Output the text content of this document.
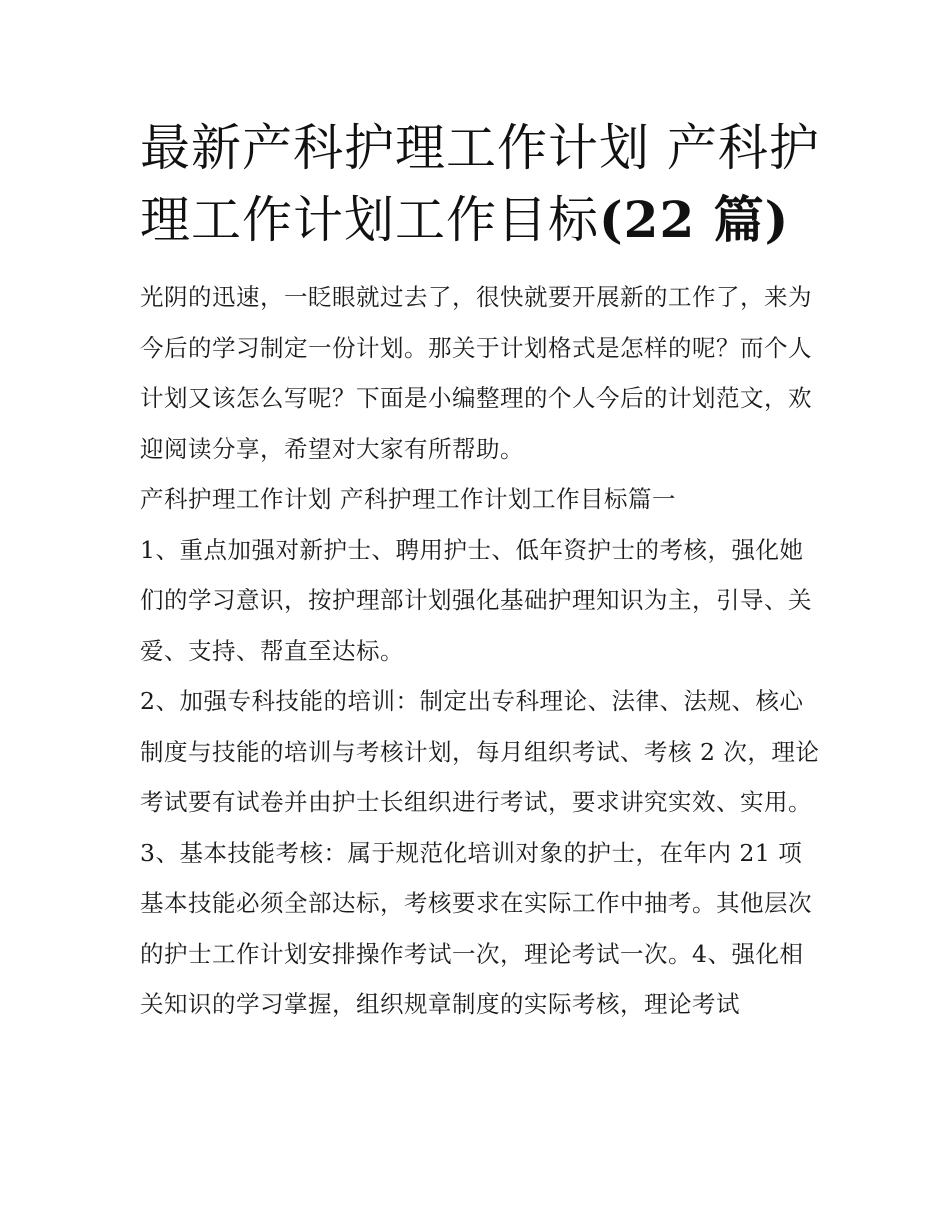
最新产科护理工作计划 产科护理工作计划工作目标(22 篇)

光阴的迅速，一眨眼就过去了，很快就要开展新的工作了，来为今后的学习制定一份计划。那关于计划格式是怎样的呢？而个人计划又该怎么写呢？下面是小编整理的个人今后的计划范文，欢迎阅读分享，希望对大家有所帮助。

产科护理工作计划 产科护理工作计划工作目标篇一

1、重点加强对新护士、聘用护士、低年资护士的考核，强化她们的学习意识，按护理部计划强化基础护理知识为主，引导、关爱、支持、帮直至达标。

2、加强专科技能的培训：制定出专科理论、法律、法规、核心制度与技能的培训与考核计划，每月组织考试、考核 2 次，理论考试要有试卷并由护士长组织进行考试，要求讲究实效、实用。

3、基本技能考核：属于规范化培训对象的护士，在年内 21 项基本技能必须全部达标，考核要求在实际工作中抽考。其他层次的护士工作计划安排操作考试一次，理论考试一次。4、强化相关知识的学习掌握，组织规章制度的实际考核，理论考试
